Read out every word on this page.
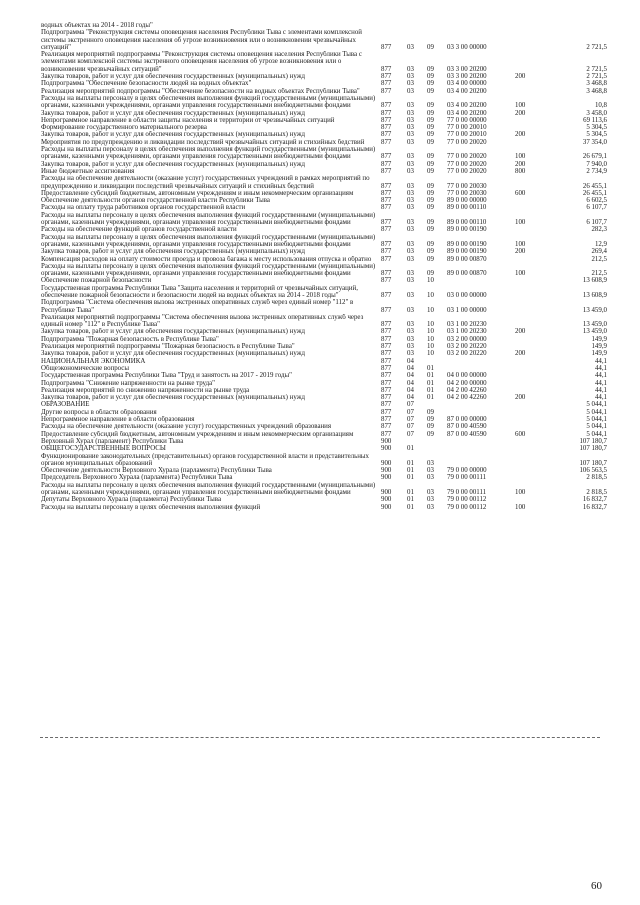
водных объектах на 2014 - 2018 годы"						
Подпрограмма "Реконструкция системы оповещения населения Республики Тыва с элементами комплексной системы экстренного оповещения населения об угрозе возникновения или о возникновении чрезвычайных ситуаций"	877	03	09	03 3 00 00000		2 721,5
Реализация мероприятий подпрограммы "Реконструкция системы оповещения населения Республики Тыва с элементами комплексной системы экстренного оповещения населения об угрозе возникновения или о возникновении чрезвычайных ситуаций"	877	03	09	03 3 00 20200		2 721,5
Закупка товаров, работ и услуг для обеспечения государственных (муниципальных) нужд	877	03	09	03 3 00 20200	200	2 721,5
Подпрограмма "Обеспечение безопасности людей на водных объектах"	877	03	09	03 4 00 00000		3 468,8
Реализация мероприятий подпрограммы "Обеспечение безопасности на водных объектах Республики Тыва"	877	03	09	03 4 00 20200		3 468,8
Расходы на выплаты персоналу в целях обеспечения выполнения функций государственными (муниципальными) органами, казенными учреждениями, органами управления государственными внебюджетными фондами	877	03	09	03 4 00 20200	100	10,8
Закупка товаров, работ и услуг для обеспечения государственных (муниципальных) нужд	877	03	09	03 4 00 20200	200	3 458,0
Непрограммное направление в области защиты населения и территории от чрезвычайных ситуаций	877	03	09	77 0 00 00000		69 113,6
Формирование государственного материального резерва	877	03	09	77 0 00 20010		5 304,5
Закупка товаров, работ и услуг для обеспечения государственных (муниципальных) нужд	877	03	09	77 0 00 20010	200	5 304,5
Мероприятия по предупреждению и ликвидации последствий чрезвычайных ситуаций и стихийных бедствий	877	03	09	77 0 00 20020		37 354,0
Расходы на выплаты персоналу в целях обеспечения выполнения функций государственными (муниципальными) органами, казенными учреждениями, органами управления государственными внебюджетными фондами	877	03	09	77 0 00 20020	100	26 679,1
Закупка товаров, работ и услуг для обеспечения государственных (муниципальных) нужд	877	03	09	77 0 00 20020	200	7 940,0
Иные бюджетные ассигнования	877	03	09	77 0 00 20020	800	2 734,9
Расходы на обеспечение деятельности (оказание услуг) государственных учреждений в рамках мероприятий по предупреждению и ликвидации последствий чрезвычайных ситуаций и стихийных бедствий	877	03	09	77 0 00 20030		26 455,1
Предоставление субсидий бюджетным, автономным учреждениям и иным некоммерческим организациям	877	03	09	77 0 00 20030	600	26 455,1
Обеспечение деятельности органов государственной власти Республики Тыва	877	03	09	89 0 00 00000		6 602,5
Расходы на оплату труда работников органов государственной власти	877	03	09	89 0 00 00110		6 107,7
Расходы на выплаты персоналу в целях обеспечения выполнения функций государственными (муниципальными) органами, казенными учреждениями, органами управления государственными внебюджетными фондами	877	03	09	89 0 00 00110	100	6 107,7
Расходы на обеспечение функций органов государственной власти	877	03	09	89 0 00 00190		282,3
Расходы на выплаты персоналу в целях обеспечения выполнения функций государственными (муниципальными) органами, казенными учреждениями, органами управления государственными внебюджетными фондами	877	03	09	89 0 00 00190	100	12,9
Закупка товаров, работ и услуг для обеспечения государственных (муниципальных) нужд	877	03	09	89 0 00 00190	200	269,4
Компенсация расходов на оплату стоимости проезда и провоза багажа к месту использования отпуска и обратно	877	03	09	89 0 00 00870		212,5
Расходы на выплаты персоналу в целях обеспечения выполнения функций государственными (муниципальными) органами, казенными учреждениями, органами управления государственными внебюджетными фондами	877	03	09	89 0 00 00870	100	212,5
Обеспечение пожарной безопасности	877	03	10			13 608,9
Государственная программа Республики Тыва "Защита населения и территорий от чрезвычайных ситуаций, обеспечение пожарной безопасности и безопасности людей на водных объектах на 2014 - 2018 годы"	877	03	10	03 0 00 00000		13 608,9
Подпрограмма "Система обеспечения вызова экстренных оперативных служб через единый номер "112" в Республике Тыва"	877	03	10	03 1 00 00000		13 459,0
Реализация мероприятий подпрограммы "Система обеспечения вызова экстренных оперативных служб через единый номер "112" в Республике Тыва"	877	03	10	03 1 00 20230		13 459,0
Закупка товаров, работ и услуг для обеспечения государственных (муниципальных) нужд	877	03	10	03 1 00 20230	200	13 459,0
Подпрограмма "Пожарная безопасность в Республике Тыва"	877	03	10	03 2 00 00000		149,9
Реализация мероприятий подпрограммы "Пожарная безопасность в Республике Тыва"	877	03	10	03 2 00 20220		149,9
Закупка товаров, работ и услуг для обеспечения государственных (муниципальных) нужд	877	03	10	03 2 00 20220	200	149,9
НАЦИОНАЛЬНАЯ ЭКОНОМИКА	877	04				44,1
Общеэкономические вопросы	877	04	01			44,1
Государственная программа Республики Тыва "Труд и занятость на 2017 - 2019 годы"	877	04	01	04 0 00 00000		44,1
Подпрограмма "Снижение напряженности на рынке труда"	877	04	01	04 2 00 00000		44,1
Реализация мероприятий по снижению напряженности на рынке труда	877	04	01	04 2 00 42260		44,1
Закупка товаров, работ и услуг для обеспечения государственных (муниципальных) нужд	877	04	01	04 2 00 42260	200	44,1
ОБРАЗОВАНИЕ	877	07				5 044,1
Другие вопросы в области образования	877	07	09			5 044,1
Непрограммное направление в области образования	877	07	09	87 0 00 00000		5 044,1
Расходы на обеспечение деятельности (оказание услуг) государственных учреждений образования	877	07	09	87 0 00 40590		5 044,1
Предоставление субсидий бюджетным, автономным учреждениям и иным некоммерческим организациям	877	07	09	87 0 00 40590	600	5 044,1
Верховный Хурал (парламент) Республики Тыва	900					107 180,7
ОБЩЕГОСУДАРСТВЕННЫЕ ВОПРОСЫ	900	01				107 180,7
Функционирование законодательных (представительных) органов государственной власти и представительных органов муниципальных образований	900	01	03			107 180,7
Обеспечение деятельности Верховного Хурала (парламента) Республики Тыва	900	01	03	79 0 00 00000		106 563,5
Председатель Верховного Хурала (парламента) Республики Тыва	900	01	03	79 0 00 00111		2 818,5
Расходы на выплаты персоналу в целях обеспечения выполнения функций государственными (муниципальными) органами, казенными учреждениями, органами управления государственными внебюджетными фондами	900	01	03	79 0 00 00111	100	2 818,5
Депутаты Верховного Хурала (парламента) Республики Тыва	900	01	03	79 0 00 00112		16 832,7
Расходы на выплаты персоналу в целях обеспечения выполнения функций	900	01	03	79 0 00 00112	100	16 832,7
60
